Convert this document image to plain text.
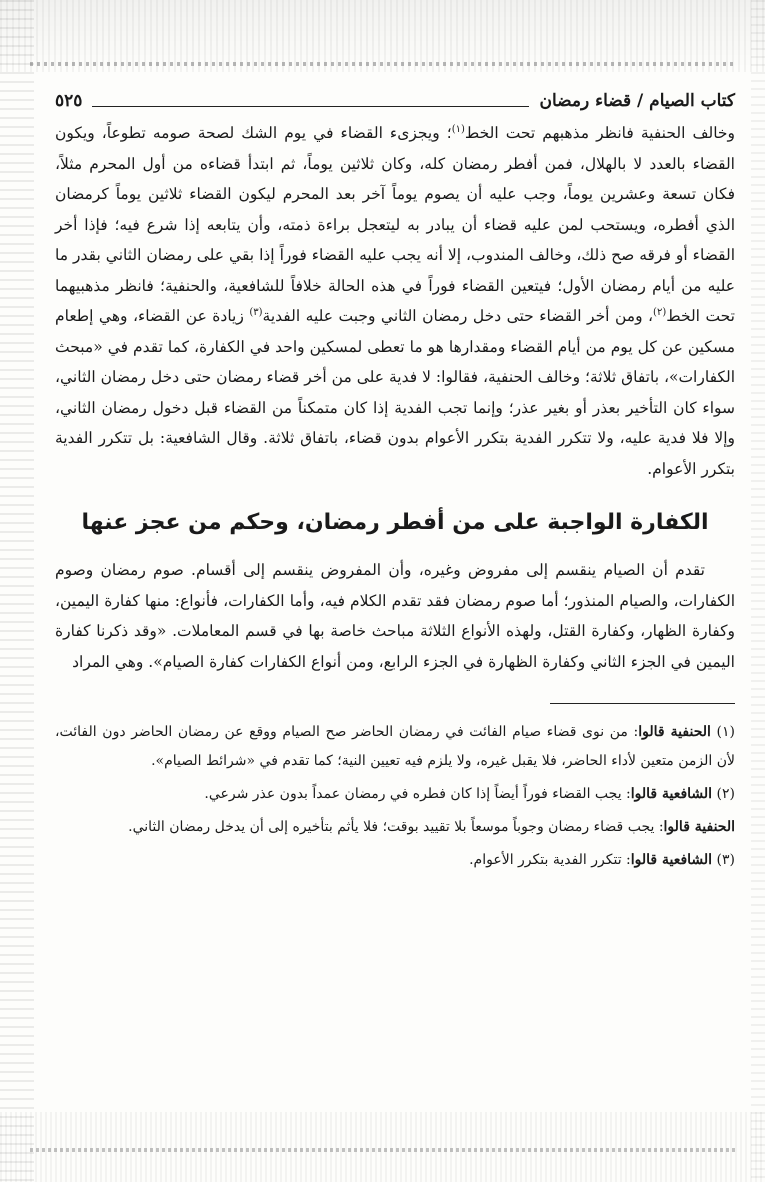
كتاب الصيام / قضاء رمضان
٥٢٥

وخالف الحنفية فانظر مذهبهم تحت الخط$^{(١)}$؛ ويجزىء القضاء في يوم الشك لصحة صومه تطوعاً، ويكون القضاء بالعدد لا بالهلال، فمن أفطر رمضان كله، وكان ثلاثين يوماً، ثم ابتدأ قضاءه من أول المحرم مثلاً، فكان تسعة وعشرين يوماً، وجب عليه أن يصوم يوماً آخر بعد المحرم ليكون القضاء ثلاثين يوماً كرمضان الذي أفطره، ويستحب لمن عليه قضاء أن يبادر به ليتعجل براءة ذمته، وأن يتابعه إذا شرع فيه؛ فإذا أخر القضاء أو فرقه صح ذلك، وخالف المندوب، إلا أنه يجب عليه القضاء فوراً إذا بقي على رمضان الثاني بقدر ما عليه من أيام رمضان الأول؛ فيتعين القضاء فوراً في هذه الحالة خلافاً للشافعية، والحنفية؛ فانظر مذهبيهما تحت الخط$^{(٢)}$، ومن أخر القضاء حتى دخل رمضان الثاني وجبت عليه الفدية$^{(٣)}$ زيادة عن القضاء، وهي إطعام مسكين عن كل يوم من أيام القضاء ومقدارها هو ما تعطى لمسكين واحد في الكفارة، كما تقدم في «مبحث الكفارات»، باتفاق ثلاثة؛ وخالف الحنفية، فقالوا: لا فدية على من أخر قضاء رمضان حتى دخل رمضان الثاني، سواء كان التأخير بعذر أو بغير عذر؛ وإنما تجب الفدية إذا كان متمكناً من القضاء قبل دخول رمضان الثاني، وإلا فلا فدية عليه، ولا تتكرر الفدية بتكرر الأعوام بدون قضاء، باتفاق ثلاثة. وقال الشافعية: بل تتكرر الفدية بتكرر الأعوام.

الكفارة الواجبة على من أفطر رمضان، وحكم من عجز عنها

تقدم أن الصيام ينقسم إلى مفروض وغيره، وأن المفروض ينقسم إلى أقسام. صوم رمضان وصوم الكفارات، والصيام المنذور؛ أما صوم رمضان فقد تقدم الكلام فيه، وأما الكفارات، فأنواع: منها كفارة اليمين، وكفارة الظهار، وكفارة القتل، ولهذه الأنواع الثلاثة مباحث خاصة بها في قسم المعاملات. «وقد ذكرنا كفارة اليمين في الجزء الثاني وكفارة الظهارة في الجزء الرابع، ومن أنواع الكفارات كفارة الصيام». وهي المراد

(١) الحنفية قالوا: من نوى قضاء صيام الفائت في رمضان الحاضر صح الصيام ووقع عن رمضان الحاضر دون الفائت، لأن الزمن متعين لأداء الحاضر، فلا يقبل غيره، ولا يلزم فيه تعيين النية؛ كما تقدم في «شرائط الصيام».

(٢) الشافعية قالوا: يجب القضاء فوراً أيضاً إذا كان فطره في رمضان عمداً بدون عذر شرعي.

الحنفية قالوا: يجب قضاء رمضان وجوباً موسعاً بلا تقييد بوقت؛ فلا يأثم بتأخيره إلى أن يدخل رمضان الثاني.

(٣) الشافعية قالوا: تتكرر الفدية بتكرر الأعوام.
